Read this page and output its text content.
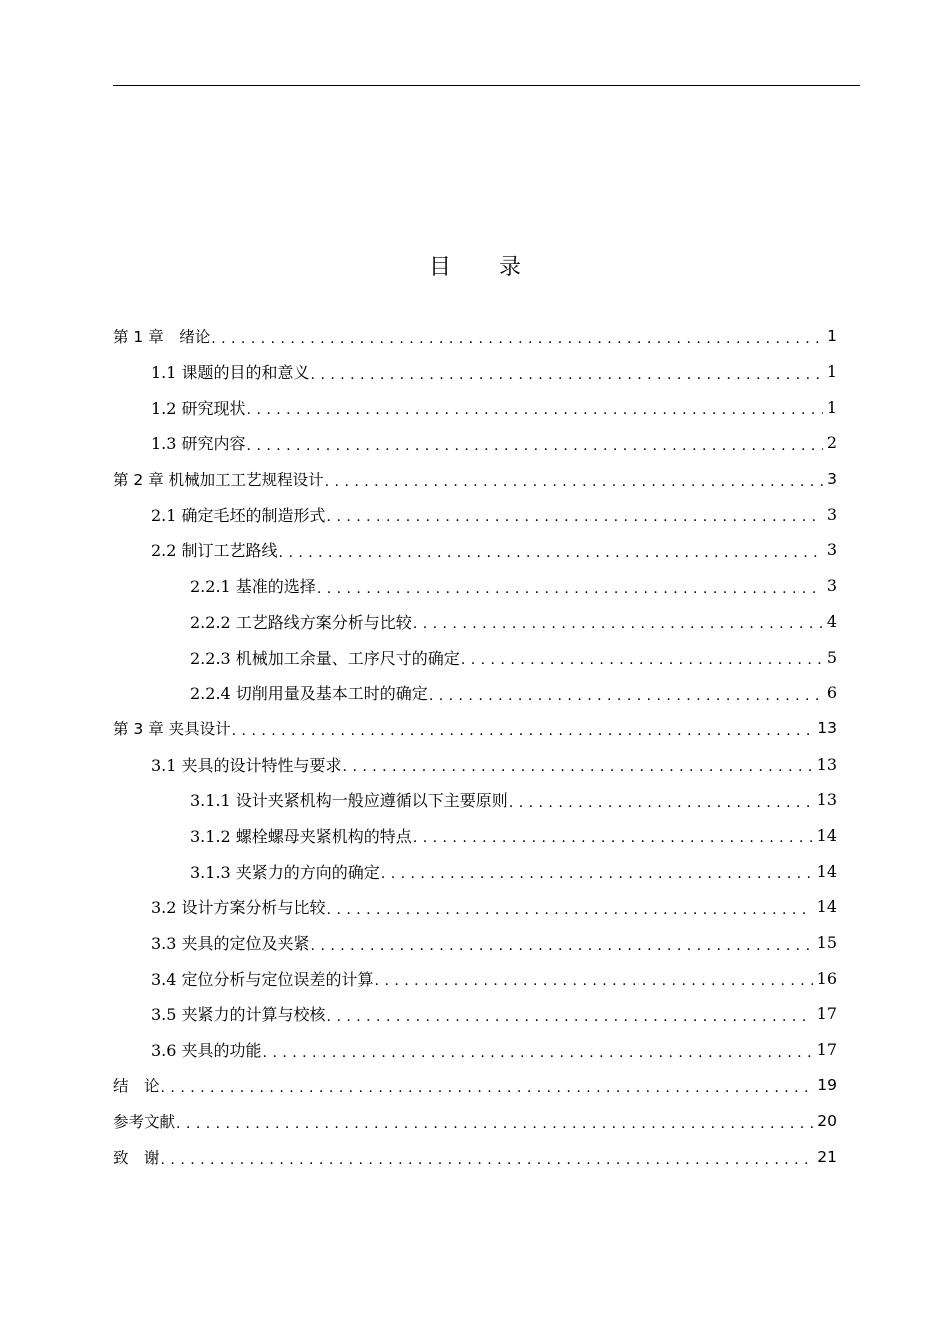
目 录
第 1 章　绪论 . . .	1
1.1 课题的目的和意义 . . .	1
1.2 研究现状 . . .	1
1.3 研究内容 . . .	2
第 2 章 机械加工工艺规程设计 . . .	3
2.1 确定毛坯的制造形式 . . .	3
2.2 制订工艺路线 . . .	3
2.2.1 基准的选择 . . .	3
2.2.2 工艺路线方案分析与比较 . . .	4
2.2.3 机械加工余量、工序尺寸的确定 . . .	5
2.2.4 切削用量及基本工时的确定 . . .	6
第 3 章 夹具设计 . . .	13
3.1 夹具的设计特性与要求 . . .	13
3.1.1 设计夹紧机构一般应遵循以下主要原则 . . .	13
3.1.2 螺栓螺母夹紧机构的特点 . . .	14
3.1.3 夹紧力的方向的确定 . . .	14
3.2 设计方案分析与比较 . . .	14
3.3 夹具的定位及夹紧 . . .	15
3.4 定位分析与定位误差的计算 . . .	16
3.5 夹紧力的计算与校核 . . .	17
3.6 夹具的功能 . . .	17
结　论 . . .	19
参考文献 . . .	20
致　谢 . . .	21
